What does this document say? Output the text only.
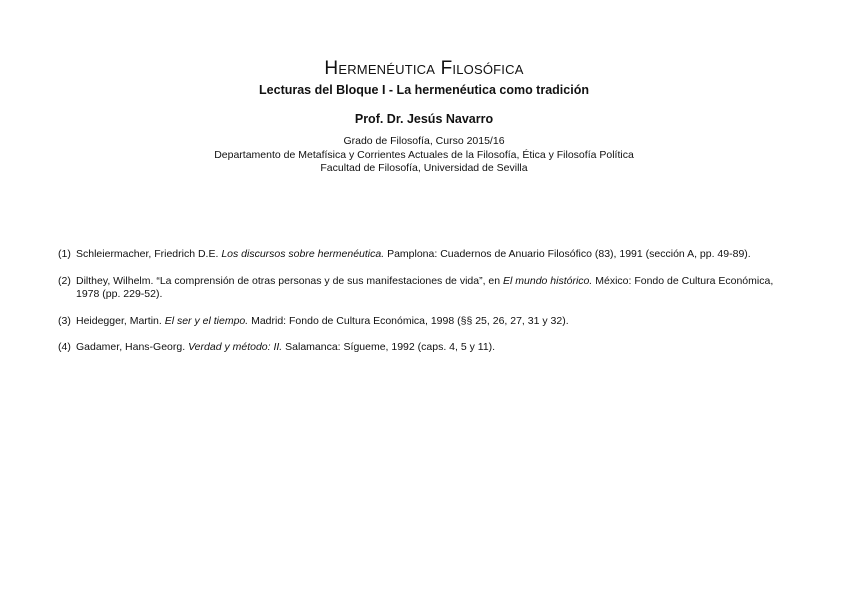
Hermenéutica Filosófica
Lecturas del Bloque I - La hermenéutica como tradición
Prof. Dr. Jesús Navarro
Grado de Filosofía, Curso 2015/16
Departamento de Metafísica y Corrientes Actuales de la Filosofía, Ética y Filosofía Política
Facultad de Filosofía, Universidad de Sevilla
(1) Schleiermacher, Friedrich D.E. Los discursos sobre hermenéutica. Pamplona: Cuadernos de Anuario Filosófico (83), 1991 (sección A, pp. 49-89).
(2) Dilthey, Wilhelm. “La comprensión de otras personas y de sus manifestaciones de vida”, en El mundo histórico. México: Fondo de Cultura Económica, 1978 (pp. 229-52).
(3) Heidegger, Martin. El ser y el tiempo. Madrid: Fondo de Cultura Económica, 1998 (§§ 25, 26, 27, 31 y 32).
(4) Gadamer, Hans-Georg. Verdad y método: II. Salamanca: Sígueme, 1992 (caps. 4, 5 y 11).
